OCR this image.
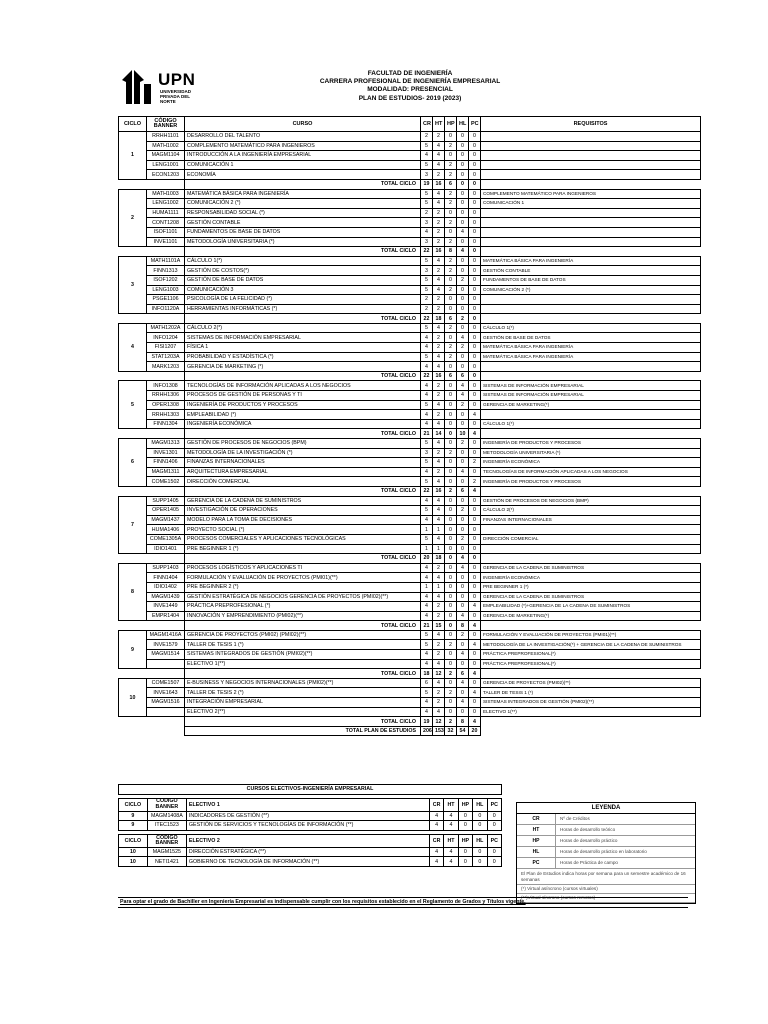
UPN
UNIVERSIDAD PRIVADA DEL NORTE
FACULTAD DE INGENIERÍA
CARRERA PROFESIONAL DE INGENIERÍA EMPRESARIAL
MODALIDAD: PRESENCIAL
PLAN DE ESTUDIOS- 2019 (2023)
CICLO	CÓDIGO BANNER	CURSO	CR	HT	HP	HL	PC	REQUISITOS
1	RRHH1101	DESARROLLO DEL TALENTO	2	2	0	0	0	
	MATH1002	COMPLEMENTO MATEMÁTICO PARA INGENIEROS	5	4	2	0	0	
	MAGM1104	INTRODUCCIÓN A LA INGENIERÍA EMPRESARIAL	4	4	0	0	0	
	LENG1001	COMUNICACIÓN 1	5	4	2	0	0	
	ECON1203	ECONOMÍA	3	2	2	0	0	
		TOTAL CICLO	19	16	6	0	0	
2	MATH1003	MATEMÁTICA BÁSICA PARA INGENIERÍA	5	4	2	0	0	COMPLEMENTO MATEMÁTICO PARA INGENIEROS
	LENG1002	COMUNICACIÓN 2 (*)	5	4	2	0	0	COMUNICACIÓN 1
	HUMA1111	RESPONSABILIDAD SOCIAL (*)	2	2	0	0	0	
	CONT1208	GESTIÓN CONTABLE	3	2	2	0	0	
	ISOF1101	FUNDAMENTOS DE BASE DE DATOS	4	2	0	4	0	
	INVE1101	METODOLOGÍA UNIVERSITARIA (*)	3	2	2	0	0	
		TOTAL CICLO	22	16	8	4	0	
3	MATH1101A	CÁLCULO 1(*)	5	4	2	0	0	MATEMÁTICA BÁSICA PARA INGENIERÍA
	FINN1313	GESTIÓN DE COSTOS(*)	3	2	2	0	0	GESTIÓN CONTABLE
	ISOF1202	GESTIÓN DE BASE DE DATOS	5	4	0	2	0	FUNDAMENTOS DE BASE DE DATOS
	LENG1003	COMUNICACIÓN 3	5	4	2	0	0	COMUNICACIÓN 2 (*)
	PSGE1106	PSICOLOGÍA DE LA FELICIDAD (*)	2	2	0	0	0	
	INFO1120A	HERRAMIENTAS INFORMÁTICAS (*)	2	2	0	0	0	
		TOTAL CICLO	22	18	6	2	0	
4	MATH1202A	CÁLCULO 2(*)	5	4	2	0	0	CÁLCULO 1(*)
	INFO1204	SISTEMAS DE INFORMACIÓN EMPRESARIAL	4	2	0	4	0	GESTIÓN DE BASE DE DATOS
	FISI1207	FÍSICA 1	4	2	2	2	0	MATEMÁTICA BÁSICA PARA INGENIERÍA
	STAT1203A	PROBABILIDAD Y ESTADÍSTICA (*)	5	4	2	0	0	MATEMÁTICA BÁSICA PARA INGENIERÍA
	MARK1203	GERENCIA DE MARKETING (*)	4	4	0	0	0	
		TOTAL CICLO	22	16	6	6	0	
5	INFO1308	TECNOLOGÍAS DE INFORMACIÓN APLICADAS A LOS NEGOCIOS	4	2	0	4	0	SISTEMAS DE INFORMACIÓN EMPRESARIAL
	RRHH1306	PROCESOS DE GESTIÓN DE PERSONAS Y TI	4	2	0	4	0	SISTEMAS DE INFORMACIÓN EMPRESARIAL
	OPER1308	INGENIERÍA DE PRODUCTOS Y PROCESOS	5	4	0	2	0	GERENCIA DE MARKETING(*)
	RRHH1303	EMPLEABILIDAD (*)	4	2	0	0	4	
	FINN1304	INGENIERÍA ECONÓMICA	4	4	0	0	0	CÁLCULO 1(*)
		TOTAL CICLO	21	14	0	10	4	
6	MAGM1313	GESTIÓN DE PROCESOS DE NEGOCIOS (BPM)	5	4	0	2	0	INGENIERÍA DE PRODUCTOS Y PROCESOS
	INVE1301	METODOLOGÍA DE LA INVESTIGACIÓN (*)	3	2	2	0	0	METODOLOGÍA UNIVERSITARIA (*)
	FINN1406	FINANZAS INTERNACIONALES	5	4	0	0	2	INGENIERÍA ECONÓMICA
	MAGM1311	ARQUITECTURA EMPRESARIAL	4	2	0	4	0	TECNOLOGÍAS DE INFORMACIÓN APLICADAS A LOS NEGOCIOS
	COME1502	DIRECCIÓN COMERCIAL	5	4	0	0	2	INGENIERÍA DE PRODUCTOS Y PROCESOS
		TOTAL CICLO	22	16	2	6	4	
7	SUPP1405	GERENCIA DE LA CADENA DE SUMINISTROS	4	4	0	0	0	GESTIÓN DE PROCESOS DE NEGOCIOS (BMP)
	OPER1405	INVESTIGACIÓN DE OPERACIONES	5	4	0	2	0	CÁLCULO 2(*)
	MAGM1437	MODELO PARA LA TOMA DE DECISIONES	4	4	0	0	0	FINANZAS INTERNACIONALES
	HUMA1406	PROYECTO SOCIAL (*)	1	1	0	0	0	
	COME1305A	PROCESOS COMERCIALES Y APLICACIONES TECNOLÓGICAS	5	4	0	2	0	DIRECCIÓN COMERCIAL
	IDIO1401	PRE BEGINNER 1 (*)	1	1	0	0	0	
		TOTAL CICLO	20	18	0	4	0	
8	SUPP1403	PROCESOS LOGÍSTICOS Y APLICACIONES TI	4	2	0	4	0	GERENCIA DE LA CADENA DE SUMINISTROS
	FINN1404	FORMULACIÓN Y EVALUACIÓN DE PROYECTOS (PMI01)(**)	4	4	0	0	0	INGENIERÍA ECONÓMICA
	IDIO1402	PRE BEGINNER 2 (*)	1	1	0	0	0	PRE BEGINNER 1 (*)
	MAGM1439	GESTIÓN ESTRATÉGICA DE NEGOCIOS GERENCIA DE PROYECTOS (PMI02)(**)	4	4	0	0	0	GERENCIA DE LA CADENA DE SUMINISTROS
	INVE1449	PRÁCTICA PREPROFESIONAL (*)	4	2	0	0	4	EMPLEABILIDAD (*)+GERENCIA DE LA CADENA DE SUMINISTROS
	EMPR1404	INNOVACIÓN Y EMPRENDIMIENTO (PMI02)(**)	4	2	0	4	0	GERENCIA DE MARKETING(*)
		TOTAL CICLO	21	15	0	8	4	
9	MAGM1416A	GERENCIA DE PROYECTOS (PMI02) (PMI02)(**)	5	4	0	2	0	FORMULACIÓN Y EVALUACIÓN DE PROYECTOS (PMI01)(**)
	INVE1579	TALLER DE TESIS 1 (*)	5	2	2	0	4	METODOLOGÍA DE LA INVESTIGACIÓN(*) + GERENCIA DE LA CADENA DE SUMINISTROS
	MAGM1514	SISTEMAS INTEGRADOS DE GESTIÓN (PMI02)(**)	4	2	0	4	0	PRÁCTICA PREPROFESIONAL(*)
		ELECTIVO 1(**)	4	4	0	0	0	PRÁCTICA PREPROFESIONAL(*)
		TOTAL CICLO	18	12	2	6	4	
10	COME1507	E-BUSINESS Y NEGOCIOS INTERNACIONALES (PMI02)(**)	6	4	0	4	0	GERENCIA DE PROYECTOS (PMI02)(**)
	INVE1643	TALLER DE TESIS 2 (*)	5	2	2	0	4	TALLER DE TESIS 1 (*)
	MAGM1516	INTEGRACIÓN EMPRESARIAL	4	2	0	4	0	SISTEMAS INTEGRADOS DE GESTIÓN (PMI02)(**)
		ELECTIVO 2(**)	4	4	0	0	0	ELECTIVO 1(**)
		TOTAL CICLO	19	12	2	8	4	
		TOTAL PLAN DE ESTUDIOS	206	153	32	54	20	
CURSOS ELECTIVOS-INGENIERÍA EMPRESARIAL							

CICLO	CÓDIGO BANNER	ELECTIVO 1	CR	HT	HP	HL	PC
9	MAGM1408A	INDICADORES DE GESTIÓN (**)	4	4	0	0	0
9	ITEC1523	GESTIÓN DE SERVICIOS Y TECNOLOGÍAS DE INFORMACIÓN (**)	4	4	0	0	0

CICLO	CÓDIGO BANNER	ELECTIVO 2	CR	HT	HP	HL	PC
10	MAGM1525	DIRECCIÓN ESTRATÉGICA (**)	4	4	0	0	0
10	NETI1421	GOBIERNO DE TECNOLOGÍA DE INFORMACIÓN (**)	4	4	0	0	0
LEYENDA
CR	Nº de Créditos
HT	Horas de desarrollo teórico
HP	Horas de desarrollo práctico
HL	Horas de desarrollo práctico en laboratorio
PC	Horas de Práctica de campo
El Plan de Estudios indica horas por semana para un semestre académico de 16 semanas
(*) Virtual asíncrono (cursos virtuales)
(**)Virtual síncrono (cursos remotos)
Para optar el grado de Bachiller en Ingeniería Empresarial es indispensable cumplir con los requisitos establecido en el Reglamento de Grados y Títulos vigente.
